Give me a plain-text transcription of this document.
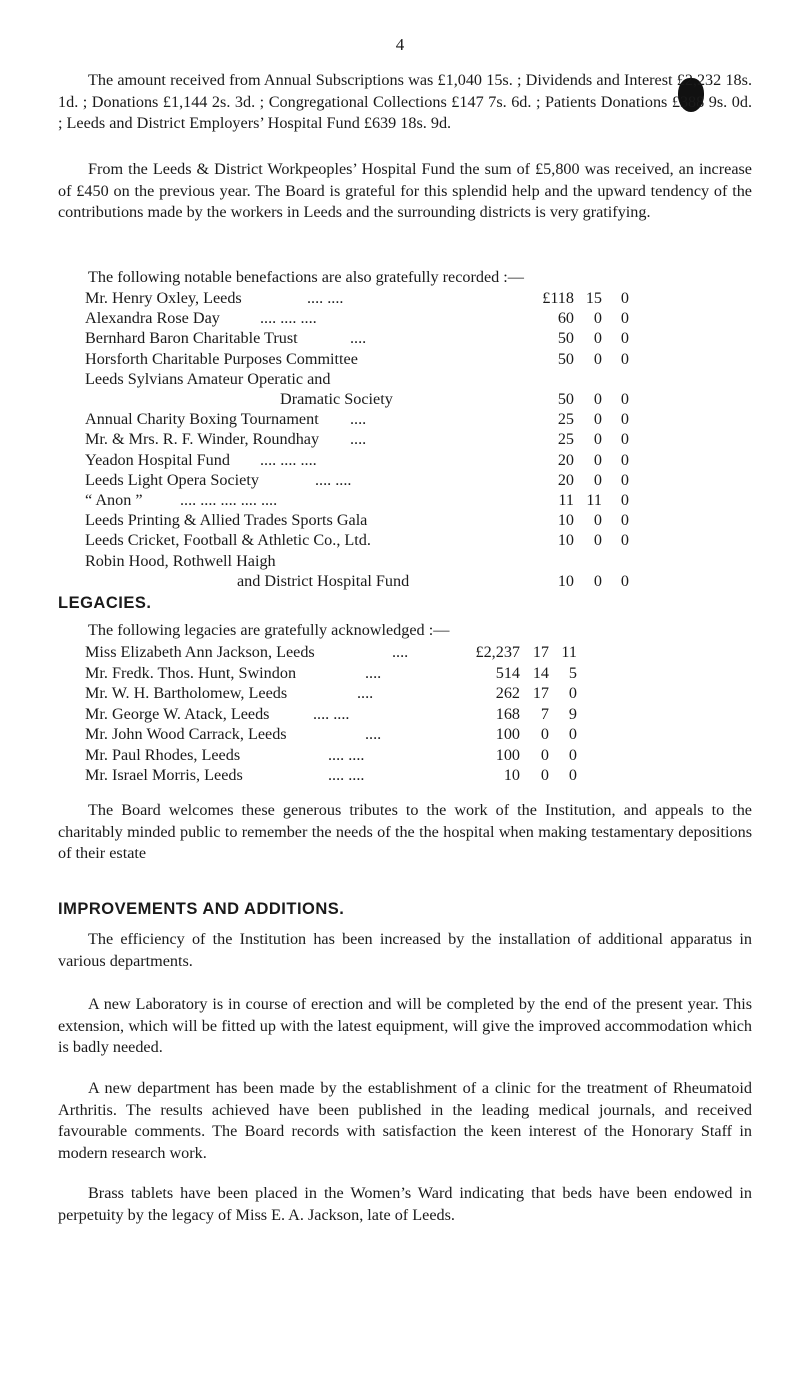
4

The amount received from Annual Subscriptions was £1,040 15s. ; Dividends and Interest £2,232 18s. 1d. ; Donations £1,144 2s. 3d. ; Congregational Collections £147 7s. 6d. ; Patients Donations £388 9s. 0d. ; Leeds and District Employers’ Hospital Fund £639 18s. 9d.

From the Leeds & District Workpeoples’ Hospital Fund the sum of £5,800 was received, an increase of £450 on the previous year. The Board is grateful for this splendid help and the upward tendency of the contributions made by the workers in Leeds and the surrounding districts is very gratifying.

The following notable benefactions are also gratefully recorded :—
Mr. Henry Oxley, Leeds	.... ....	£118 15	0
Alexandra Rose Day .... .... ....	60	0	0
Bernhard Baron Charitable Trust	....	50	0	0
Horsforth Charitable Purposes Committee	50	0	0
Leeds Sylvians Amateur Operatic and
Dramatic Society	50	0	0
Annual Charity Boxing Tournament ....	25	0	0
Mr. & Mrs. R. F. Winder, Roundhay ....	25	0	0
Yeadon Hospital Fund .... .... ....	20	0	0
Leeds Light Opera Society	.... ....	20	0	0
“ Anon ” .... .... .... .... ....	11 11	0
Leeds Printing & Allied Trades Sports Gala	10	0	0
Leeds Cricket, Football & Athletic Co., Ltd.	10	0	0
Robin Hood, Rothwell Haigh
and District Hospital Fund	10	0	0
LEGACIES.
The following legacies are gratefully acknowledged :—
Miss Elizabeth Ann Jackson, Leeds	....	£2,237 17 11
Mr. Fredk. Thos. Hunt, Swindon	....	514 14	5
Mr. W. H. Bartholomew, Leeds	....	262 17	0
Mr. George W. Atack, Leeds	.... ....	168	7	9
Mr. John Wood Carrack, Leeds	....	100	0	0
Mr. Paul Rhodes, Leeds	.... ....	100	0	0
Mr. Israel Morris, Leeds	.... ....	10	0	0

The Board welcomes these generous tributes to the work of the Institution, and appeals to the charitably minded public to remember the needs of the the hospital when making testamentary depositions of their estate

IMPROVEMENTS AND ADDITIONS.

The efficiency of the Institution has been increased by the installation of additional apparatus in various departments.

A new Laboratory is in course of erection and will be completed by the end of the present year. This extension, which will be fitted up with the latest equipment, will give the improved accommodation which is badly needed.

A new department has been made by the establishment of a clinic for the treatment of Rheumatoid Arthritis. The results achieved have been published in the leading medical journals, and received favourable comments. The Board records with satisfaction the keen interest of the Honorary Staff in modern research work.

Brass tablets have been placed in the Women’s Ward indicating that beds have been endowed in perpetuity by the legacy of Miss E. A. Jackson, late of Leeds.
